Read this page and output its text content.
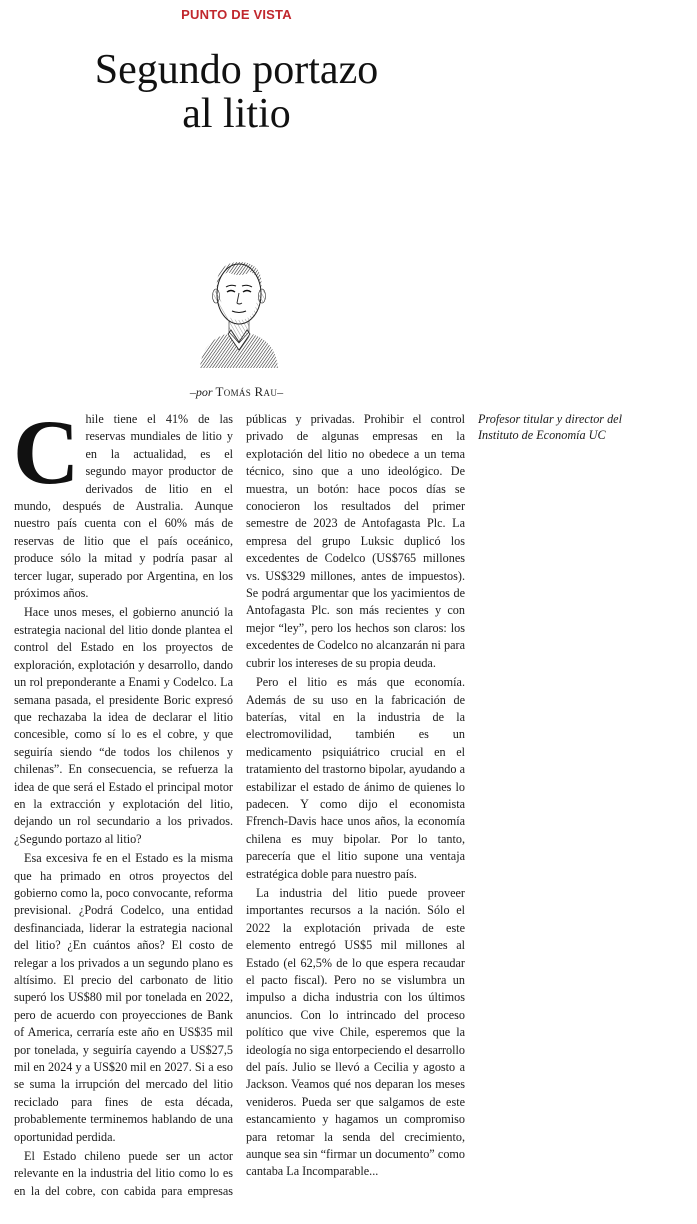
PUNTO DE VISTA
Segundo portazo
al litio
–por Tomás Rau–

Chile tiene el 41% de las reservas mundiales de litio y en la actualidad, es el segundo mayor productor de derivados de litio en el mundo, después de Australia. Aunque nuestro país cuenta con el 60% más de reservas de litio que el país oceánico, produce sólo la mitad y podría pasar al tercer lugar, superado por Argentina, en los próximos años.

Hace unos meses, el gobierno anunció la estrategia nacional del litio donde plantea el control del Estado en los proyectos de exploración, explotación y desarrollo, dando un rol preponderante a Enami y Codelco. La semana pasada, el presidente Boric expresó que rechazaba la idea de declarar el litio concesible, como sí lo es el cobre, y que seguiría siendo “de todos los chilenos y chilenas”. En consecuencia, se refuerza la idea de que será el Estado el principal motor en la extracción y explotación del litio, dejando un rol secundario a los privados. ¿Segundo portazo al litio?

Esa excesiva fe en el Estado es la misma que ha primado en otros proyectos del gobierno como la, poco convocante, reforma previsional. ¿Podrá Codelco, una entidad desfinanciada, liderar la estrategia nacional del litio? ¿En cuántos años? El costo de relegar a los privados a un segundo plano es altísimo. El precio del carbonato de litio superó los US$80 mil por tonelada en 2022, pero de acuerdo con proyecciones de Bank of America, cerraría este año en US$35 mil por tonelada, y seguiría cayendo a US$27,5 mil en 2024 y a US$20 mil en 2027. Si a eso se suma la irrupción del mercado del litio reciclado para fines de esta década, probablemente terminemos hablando de una oportunidad perdida.

El Estado chileno puede ser un actor relevante en la industria del litio como lo es en la del cobre, con cabida para empresas públicas y privadas. Prohibir el control privado de algunas empresas en la explotación del litio no obedece a un tema técnico, sino que a uno ideológico. De muestra, un botón: hace pocos días se conocieron los resultados del primer semestre de 2023 de Antofagasta Plc. La empresa del grupo Luksic duplicó los excedentes de Codelco (US$765 millones vs. US$329 millones, antes de impuestos). Se podrá argumentar que los yacimientos de Antofagasta Plc. son más recientes y con mejor “ley”, pero los hechos son claros: los excedentes de Codelco no alcanzarán ni para cubrir los intereses de su propia deuda.

Pero el litio es más que economía. Además de su uso en la fabricación de baterías, vital en la industria de la electromovilidad, también es un medicamento psiquiátrico crucial en el tratamiento del trastorno bipolar, ayudando a estabilizar el estado de ánimo de quienes lo padecen. Y como dijo el economista Ffrench-Davis hace unos años, la economía chilena es muy bipolar. Por lo tanto, parecería que el litio supone una ventaja estratégica doble para nuestro país.

La industria del litio puede proveer importantes recursos a la nación. Sólo el 2022 la explotación privada de este elemento entregó US$5 mil millones al Estado (el 62,5% de lo que espera recaudar el pacto fiscal). Pero no se vislumbra un impulso a dicha industria con los últimos anuncios. Con lo intrincado del proceso político que vive Chile, esperemos que la ideología no siga entorpeciendo el desarrollo del país. Julio se llevó a Cecilia y agosto a Jackson. Veamos qué nos deparan los meses venideros. Pueda ser que salgamos de este estancamiento y hagamos un compromiso para retomar la senda del crecimiento, aunque sea sin “firmar un documento” como cantaba La Incomparable...

Profesor titular y director del
Instituto de Economía UC
